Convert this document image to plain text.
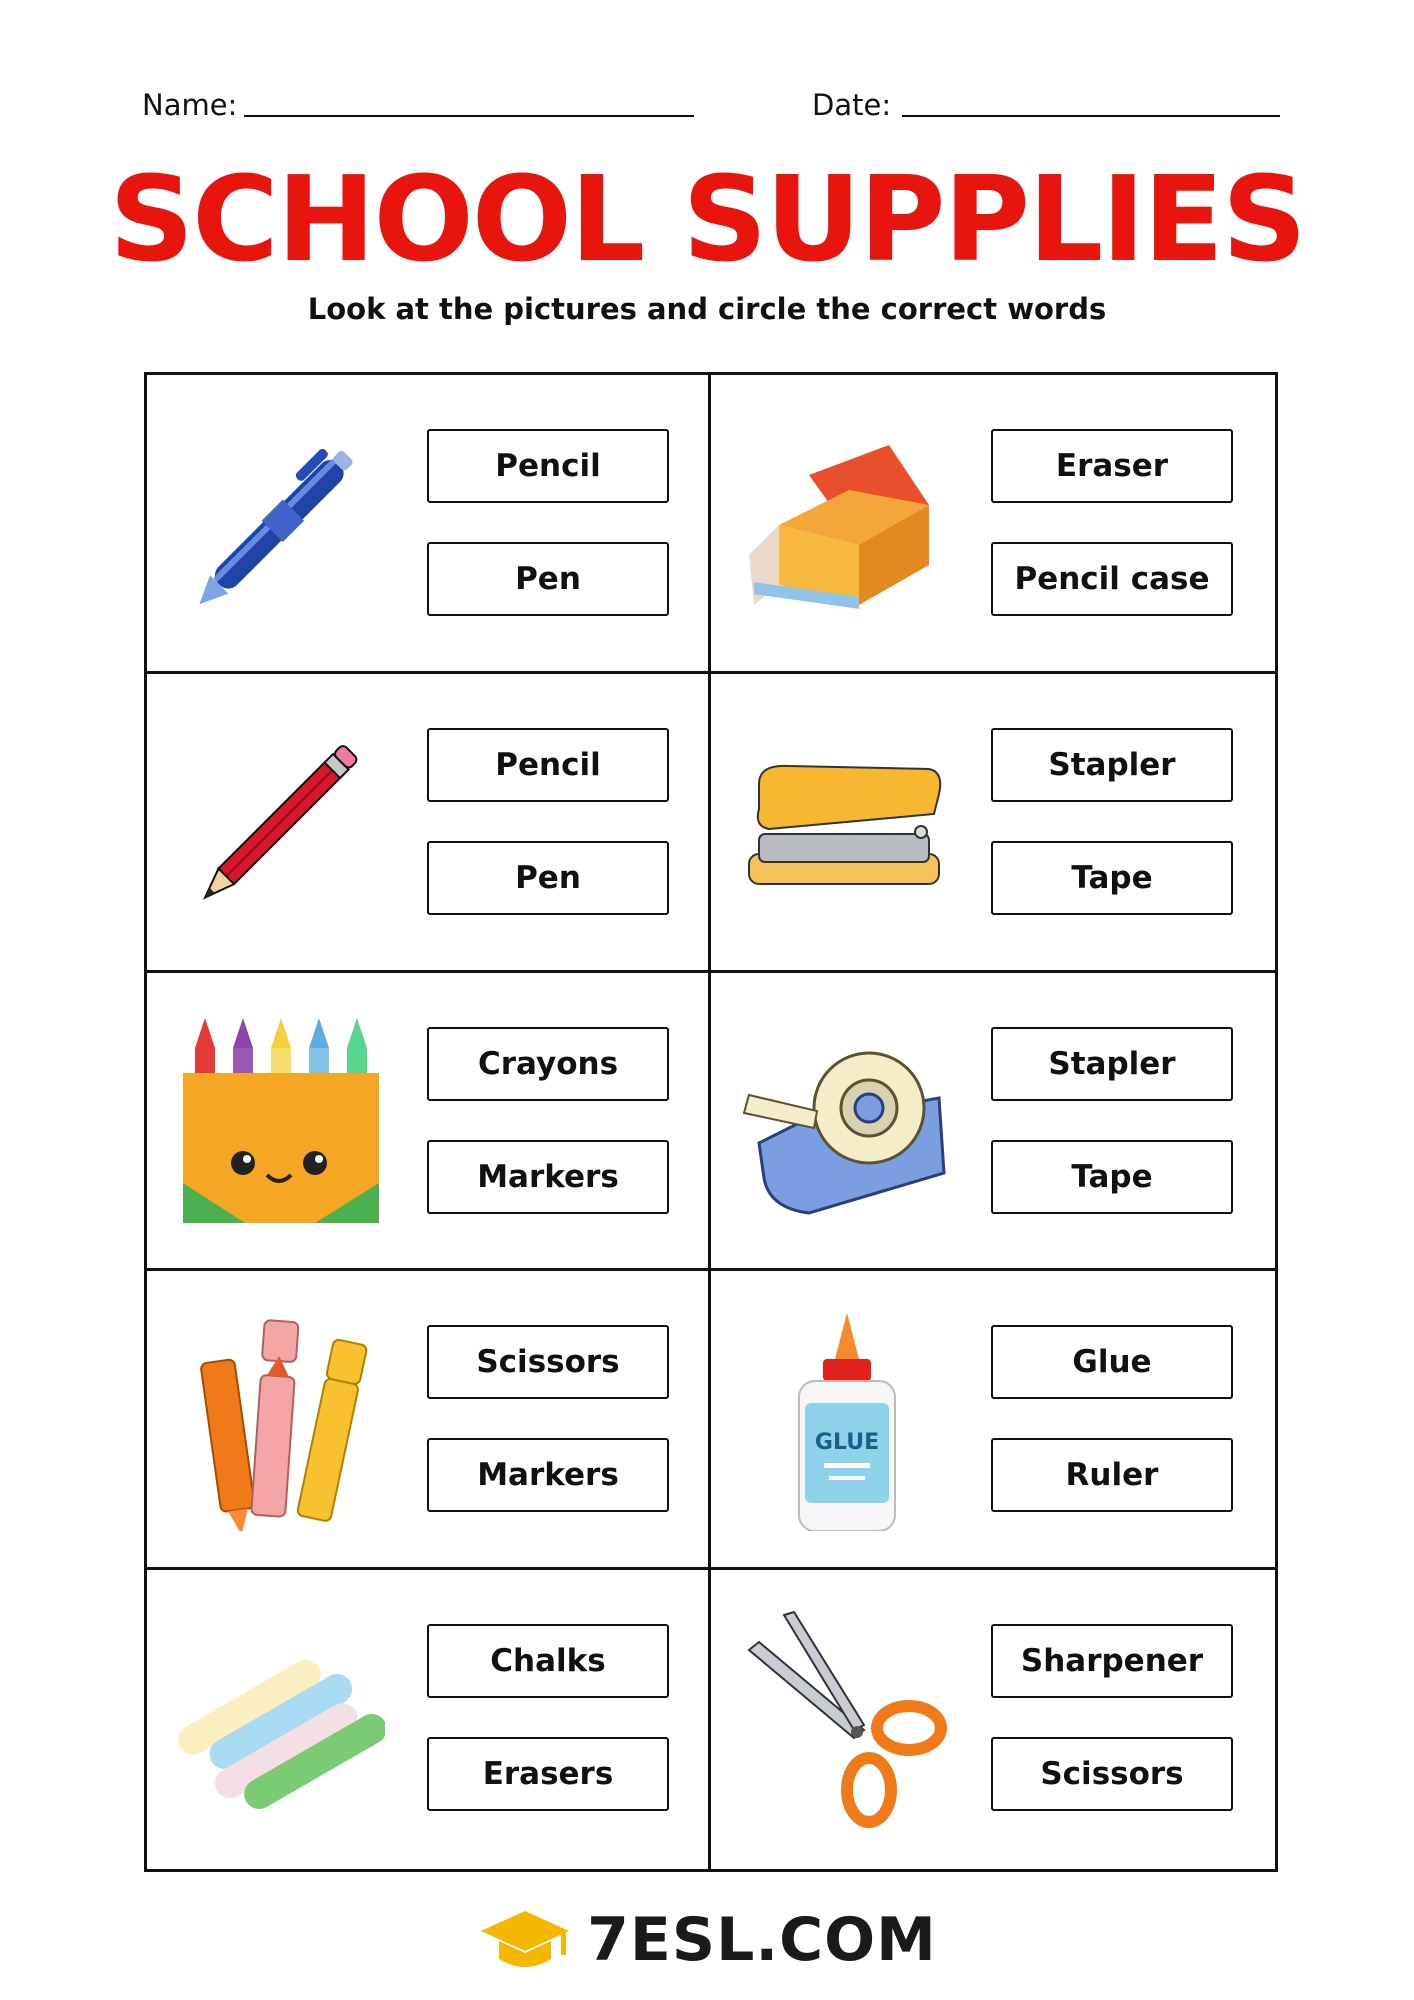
Name:	Date:
SCHOOL SUPPLIES
Look at the pictures and circle the correct words
Pencil
Pen
Eraser
Pencil case
Pencil
Pen
Stapler
Tape
Crayons
Markers
Stapler
Tape
Scissors
Markers
GLUE
Glue
Ruler
Chalks
Erasers
Sharpener
Scissors
7ESL.COM
